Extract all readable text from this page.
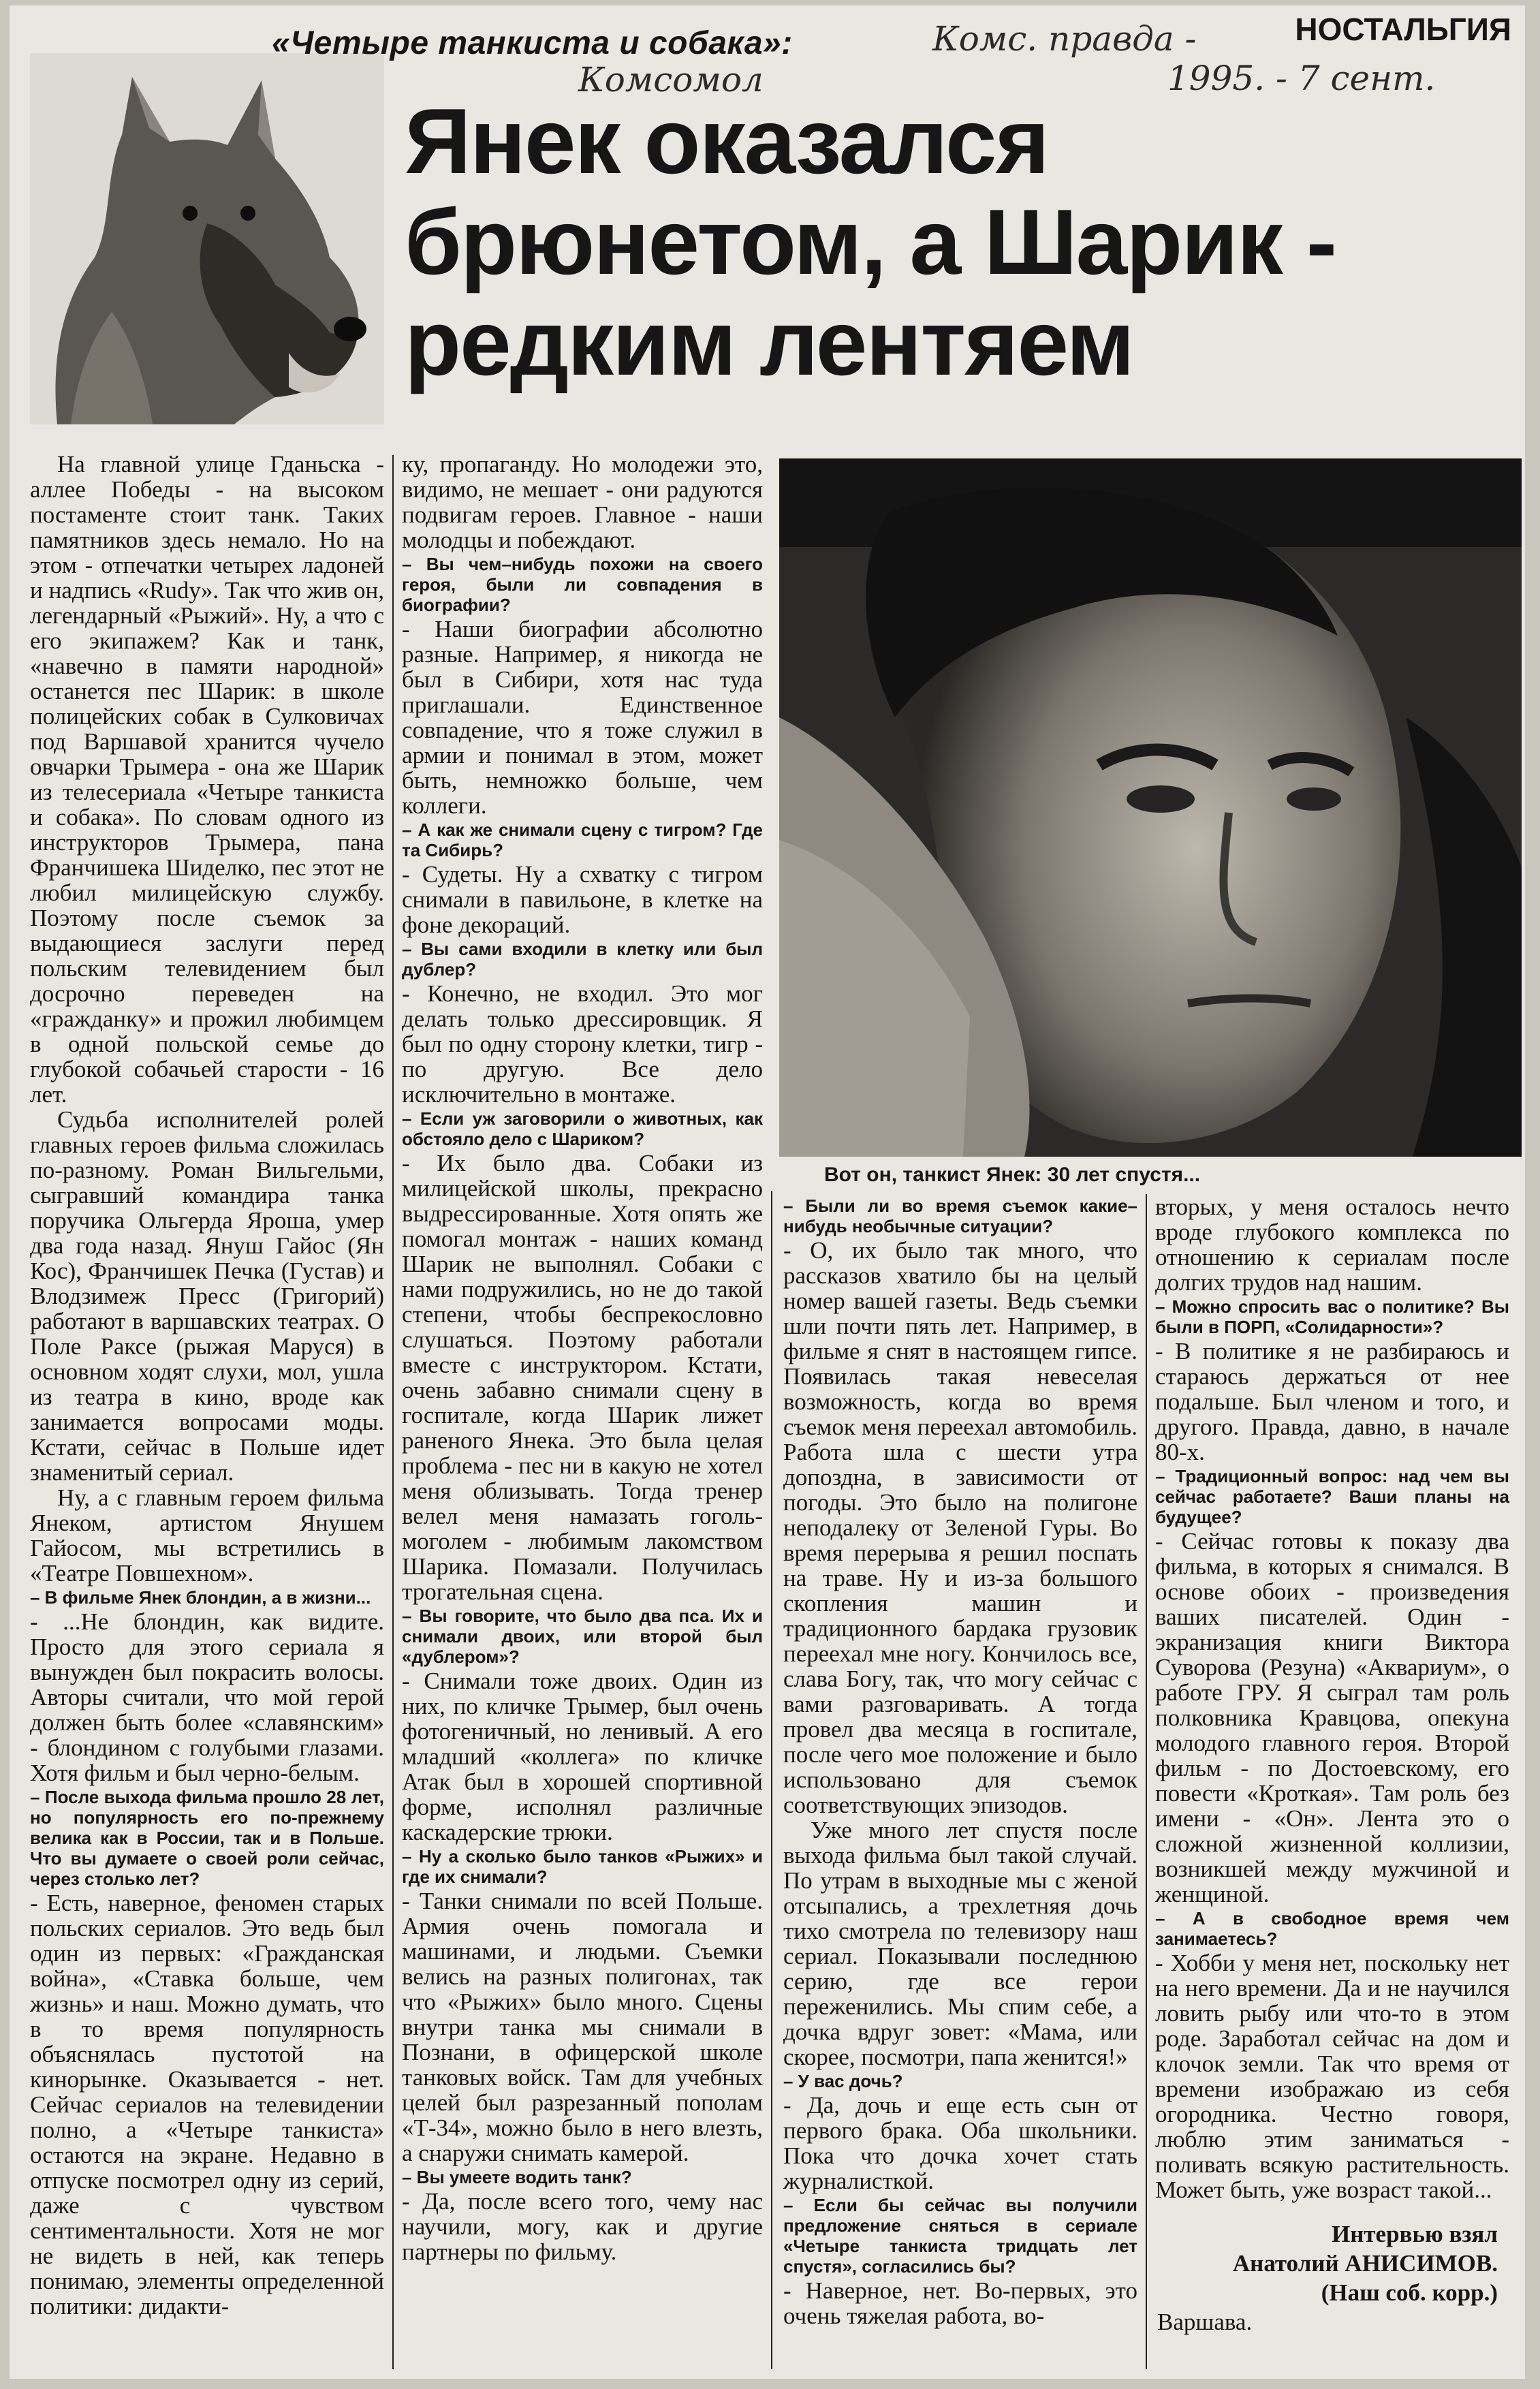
«Четыре танкиста и собака»:	Комс. правда -
1995. - 7 сент.
Комсомол
НОСТАЛЬГИЯ
Янек оказался
брюнетом, а Шарик -
редким лентяем

На главной улице Гданьска - аллее Победы - на высоком постаменте стоит танк. Таких памятников здесь немало. Но на этом - отпечатки четырех ладоней и надпись «Rudy». Так что жив он, легендарный «Рыжий». Ну, а что с его экипажем? Как и танк, «навечно в памяти народной» останется пес Шарик: в школе полицейских собак в Сулковичах под Варшавой хранится чучело овчарки Трымера - она же Шарик из телесериала «Четыре танкиста и собака». По словам одного из инструкторов Трымера, пана Франчишека Шиделко, пес этот не любил милицейскую службу. Поэтому после съемок за выдающиеся заслуги перед польским телевидением был досрочно переведен на «гражданку» и прожил любимцем в одной польской семье до глубокой собачьей старости - 16 лет.

Судьба исполнителей ролей главных героев фильма сложилась по-разному. Роман Вильгельми, сыгравший командира танка поручика Ольгерда Яроша, умер два года назад. Януш Гайос (Ян Кос), Франчишек Печка (Густав) и Влодзимеж Пресс (Григорий) работают в варшавских театрах. О Поле Раксе (рыжая Маруся) в основном ходят слухи, мол, ушла из театра в кино, вроде как занимается вопросами моды. Кстати, сейчас в Польше идет знаменитый сериал.

Ну, а с главным героем фильма Янеком, артистом Янушем Гайосом, мы встретились в «Театре Повшехном».

– В фильме Янек блондин, а в жизни...

- ...Не блондин, как видите. Просто для этого сериала я вынужден был покрасить волосы. Авторы считали, что мой герой должен быть более «славянским» - блондином с голубыми глазами. Хотя фильм и был черно-белым.

– После выхода фильма прошло 28 лет, но популярность его по-прежнему велика как в России, так и в Польше. Что вы думаете о своей роли сейчас, через столько лет?

- Есть, наверное, феномен старых польских сериалов. Это ведь был один из первых: «Гражданская война», «Ставка больше, чем жизнь» и наш. Можно думать, что в то время популярность объяснялась пустотой на кинорынке. Оказывается - нет. Сейчас сериалов на телевидении полно, а «Четыре танкиста» остаются на экране. Недавно в отпуске посмотрел одну из серий, даже с чувством сентиментальности. Хотя не мог не видеть в ней, как теперь понимаю, элементы определенной политики: дидакти-

ку, пропаганду. Но молодежи это, видимо, не мешает - они радуются подвигам героев. Главное - наши молодцы и побеждают.

– Вы чем–нибудь похожи на своего героя, были ли совпадения в биографии?

- Наши биографии абсолютно разные. Например, я никогда не был в Сибири, хотя нас туда приглашали. Единственное совпадение, что я тоже служил в армии и понимал в этом, может быть, немножко больше, чем коллеги.

– А как же снимали сцену с тигром? Где та Сибирь?

- Судеты. Ну а схватку с тигром снимали в павильоне, в клетке на фоне декораций.

– Вы сами входили в клетку или был дублер?

- Конечно, не входил. Это мог делать только дрессировщик. Я был по одну сторону клетки, тигр - по другую. Все дело исключительно в монтаже.

– Если уж заговорили о животных, как обстояло дело с Шариком?

- Их было два. Собаки из милицейской школы, прекрасно выдрессированные. Хотя опять же помогал монтаж - наших команд Шарик не выполнял. Собаки с нами подружились, но не до такой степени, чтобы беспрекословно слушаться. Поэтому работали вместе с инструктором. Кстати, очень забавно снимали сцену в госпитале, когда Шарик лижет раненого Янека. Это была целая проблема - пес ни в какую не хотел меня облизывать. Тогда тренер велел меня намазать гоголь-моголем - любимым лакомством Шарика. Помазали. Получилась трогательная сцена.

– Вы говорите, что было два пса. Их и снимали двоих, или второй был «дублером»?

- Снимали тоже двоих. Один из них, по кличке Трымер, был очень фотогеничный, но ленивый. А его младший «коллега» по кличке Атак был в хорошей спортивной форме, исполнял различные каскадерские трюки.

– Ну а сколько было танков «Рыжих» и где их снимали?

- Танки снимали по всей Польше. Армия очень помогала и машинами, и людьми. Съемки велись на разных полигонах, так что «Рыжих» было много. Сцены внутри танка мы снимали в Познани, в офицерской школе танковых войск. Там для учебных целей был разрезанный пополам «Т-34», можно было в него влезть, а снаружи снимать камерой.

– Вы умеете водить танк?

- Да, после всего того, чему нас научили, могу, как и другие партнеры по фильму.

Вот он, танкист Янек: 30 лет спустя...

– Были ли во время съемок какие–нибудь необычные ситуации?

- О, их было так много, что рассказов хватило бы на целый номер вашей газеты. Ведь съемки шли почти пять лет. Например, в фильме я снят в настоящем гипсе. Появилась такая невеселая возможность, когда во время съемок меня переехал автомобиль. Работа шла с шести утра допоздна, в зависимости от погоды. Это было на полигоне неподалеку от Зеленой Гуры. Во время перерыва я решил поспать на траве. Ну и из-за большого скопления машин и традиционного бардака грузовик переехал мне ногу. Кончилось все, слава Богу, так, что могу сейчас с вами разговаривать. А тогда провел два месяца в госпитале, после чего мое положение и было использовано для съемок соответствующих эпизодов.

Уже много лет спустя после выхода фильма был такой случай. По утрам в выходные мы с женой отсыпались, а трехлетняя дочь тихо смотрела по телевизору наш сериал. Показывали последнюю серию, где все герои переженились. Мы спим себе, а дочка вдруг зовет: «Мама, или скорее, посмотри, папа женится!»

– У вас дочь?

- Да, дочь и еще есть сын от первого брака. Оба школьники. Пока что дочка хочет стать журналисткой.

– Если бы сейчас вы получили предложение сняться в сериале «Четыре танкиста тридцать лет спустя», согласились бы?

- Наверное, нет. Во-первых, это очень тяжелая работа, во-

вторых, у меня осталось нечто вроде глубокого комплекса по отношению к сериалам после долгих трудов над нашим.

– Можно спросить вас о политике? Вы были в ПОРП, «Солидарности»?

- В политике я не разбираюсь и стараюсь держаться от нее подальше. Был членом и того, и другого. Правда, давно, в начале 80-х.

– Традиционный вопрос: над чем вы сейчас работаете? Ваши планы на будущее?

- Сейчас готовы к показу два фильма, в которых я снимался. В основе обоих - произведения ваших писателей. Один - экранизация книги Виктора Суворова (Резуна) «Аквариум», о работе ГРУ. Я сыграл там роль полковника Кравцова, опекуна молодого главного героя. Второй фильм - по Достоевскому, его повести «Кроткая». Там роль без имени - «Он». Лента это о сложной жизненной коллизии, возникшей между мужчиной и женщиной.

– А в свободное время чем занимаетесь?

- Хобби у меня нет, поскольку нет на него времени. Да и не научился ловить рыбу или что-то в этом роде. Заработал сейчас на дом и клочок земли. Так что время от времени изображаю из себя огородника. Честно говоря, люблю этим заниматься - поливать всякую растительность. Может быть, уже возраст такой...

Интервью взял
Анатолий АНИСИМОВ.
(Наш соб. корр.)
Варшава.
